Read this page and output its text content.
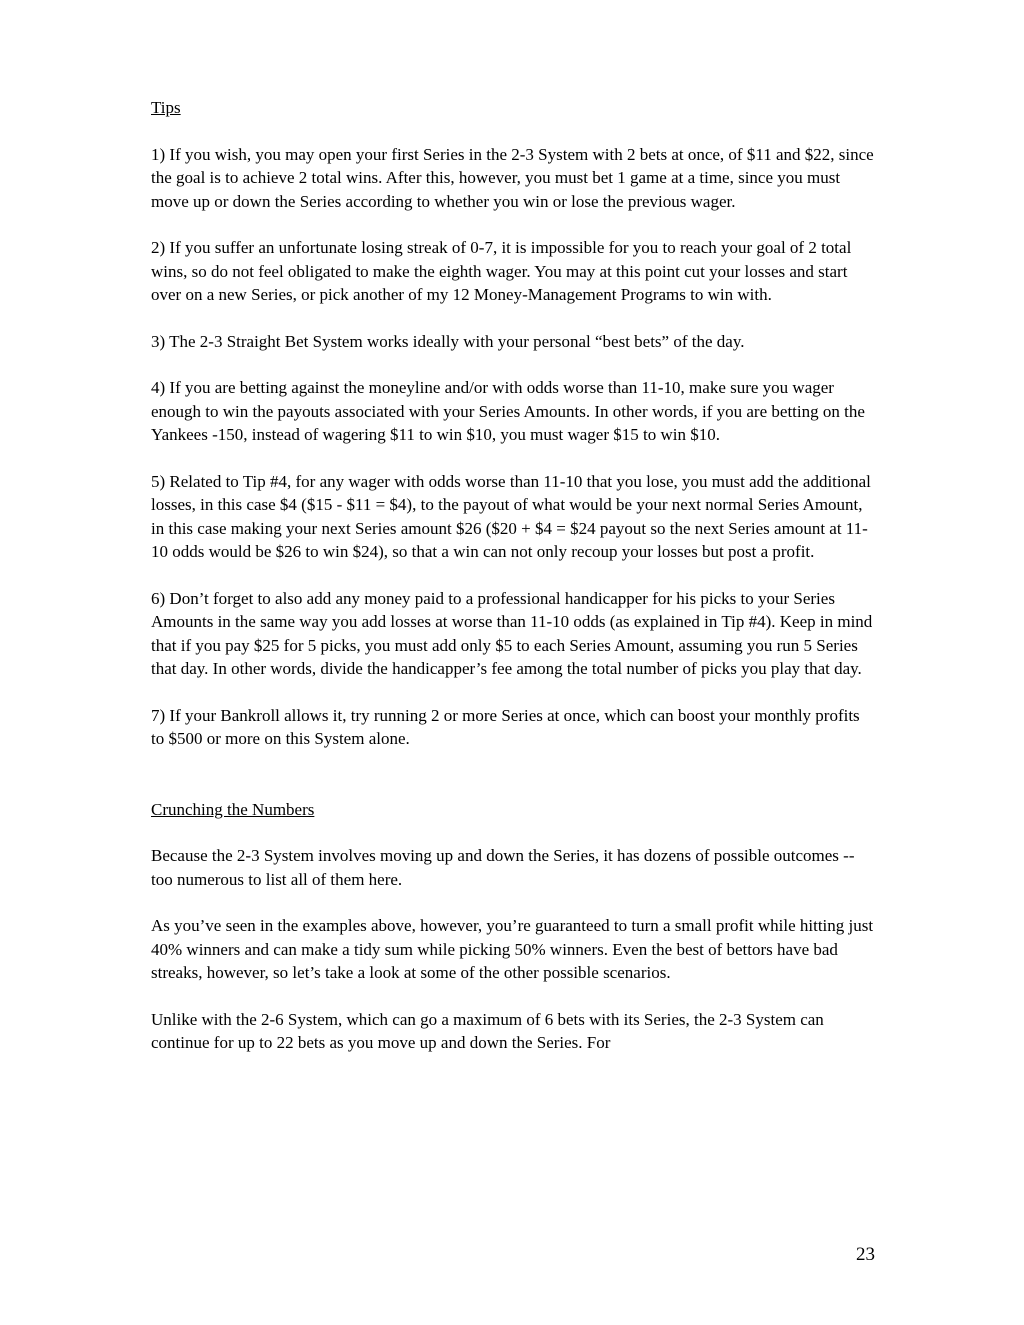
Tips

1) If you wish, you may open your first Series in the 2-3 System with 2 bets at once, of $11 and $22, since the goal is to achieve 2 total wins. After this, however, you must bet 1 game at a time, since you must move up or down the Series according to whether you win or lose the previous wager.

2) If you suffer an unfortunate losing streak of 0-7, it is impossible for you to reach your goal of 2 total wins, so do not feel obligated to make the eighth wager. You may at this point cut your losses and start over on a new Series, or pick another of my 12 Money-Management Programs to win with.

3) The 2-3 Straight Bet System works ideally with your personal “best bets” of the day.

4) If you are betting against the moneyline and/or with odds worse than 11-10, make sure you wager enough to win the payouts associated with your Series Amounts. In other words, if you are betting on the Yankees -150, instead of wagering $11 to win $10, you must wager $15 to win $10.

5) Related to Tip #4, for any wager with odds worse than 11-10 that you lose, you must add the additional losses, in this case $4 ($15 - $11 = $4), to the payout of what would be your next normal Series Amount, in this case making your next Series amount $26 ($20 + $4 = $24 payout so the next Series amount at 11-10 odds would be $26 to win $24), so that a win can not only recoup your losses but post a profit.

6) Don’t forget to also add any money paid to a professional handicapper for his picks to your Series Amounts in the same way you add losses at worse than 11-10 odds (as explained in Tip #4). Keep in mind that if you pay $25 for 5 picks, you must add only $5 to each Series Amount, assuming you run 5 Series that day. In other words, divide the handicapper’s fee among the total number of picks you play that day.

7) If your Bankroll allows it, try running 2 or more Series at once, which can boost your monthly profits to $500 or more on this System alone.

Crunching the Numbers

Because the 2-3 System involves moving up and down the Series, it has dozens of possible outcomes -- too numerous to list all of them here.

As you’ve seen in the examples above, however, you’re guaranteed to turn a small profit while hitting just 40% winners and can make a tidy sum while picking 50% winners. Even the best of bettors have bad streaks, however, so let’s take a look at some of the other possible scenarios.

Unlike with the 2-6 System, which can go a maximum of 6 bets with its Series, the 2-3 System can continue for up to 22 bets as you move up and down the Series. For

23
